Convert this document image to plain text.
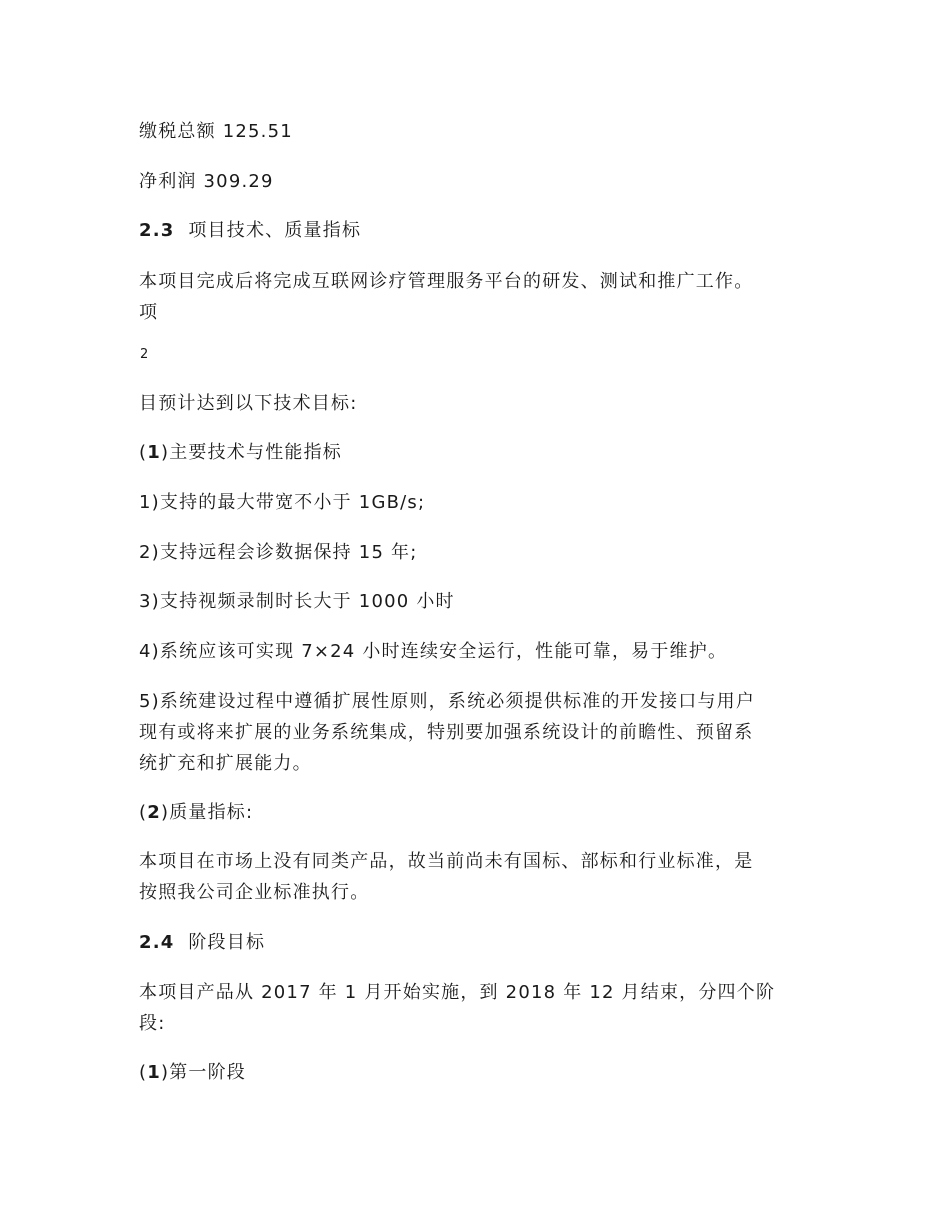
缴税总额 125.51
净利润 309.29
2.3 项目技术、质量指标
本项目完成后将完成互联网诊疗管理服务平台的研发、测试和推广工作。
项
2
目预计达到以下技术目标:
(1)主要技术与性能指标
1)支持的最大带宽不小于 1GB/s;
2)支持远程会诊数据保持 15 年;
3)支持视频录制时长大于 1000 小时
4)系统应该可实现 7×24 小时连续安全运行，性能可靠，易于维护。
5)系统建设过程中遵循扩展性原则，系统必须提供标准的开发接口与用户
现有或将来扩展的业务系统集成，特别要加强系统设计的前瞻性、预留系
统扩充和扩展能力。
(2)质量指标:
本项目在市场上没有同类产品，故当前尚未有国标、部标和行业标准，是
按照我公司企业标准执行。
2.4 阶段目标
本项目产品从 2017 年 1 月开始实施，到 2018 年 12 月结束，分四个阶
段:
(1)第一阶段
